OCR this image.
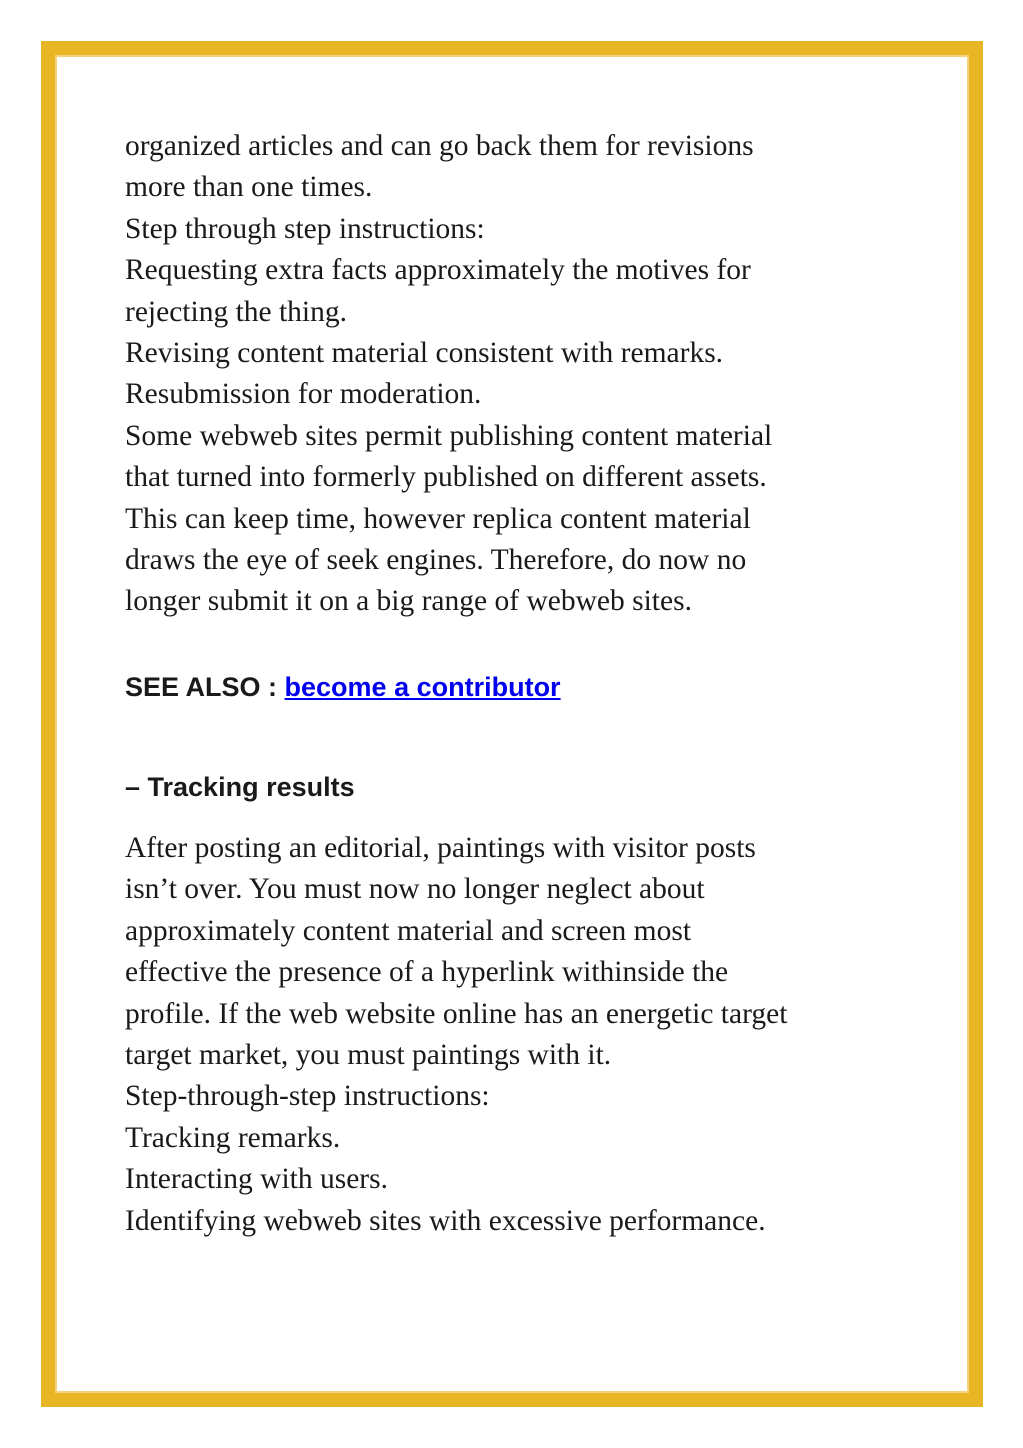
organized articles and can go back them for revisions
more than one times.
Step through step instructions:
Requesting extra facts approximately the motives for
rejecting the thing.
Revising content material consistent with remarks.
Resubmission for moderation.
Some webweb sites permit publishing content material
that turned into formerly published on different assets.
This can keep time, however replica content material
draws the eye of seek engines. Therefore, do now no
longer submit it on a big range of webweb sites.

SEE ALSO : become a contributor

– Tracking results

After posting an editorial, paintings with visitor posts
isn’t over. You must now no longer neglect about
approximately content material and screen most
effective the presence of a hyperlink withinside the
profile. If the web website online has an energetic target
target market, you must paintings with it.
Step-through-step instructions:
Tracking remarks.
Interacting with users.
Identifying webweb sites with excessive performance.
